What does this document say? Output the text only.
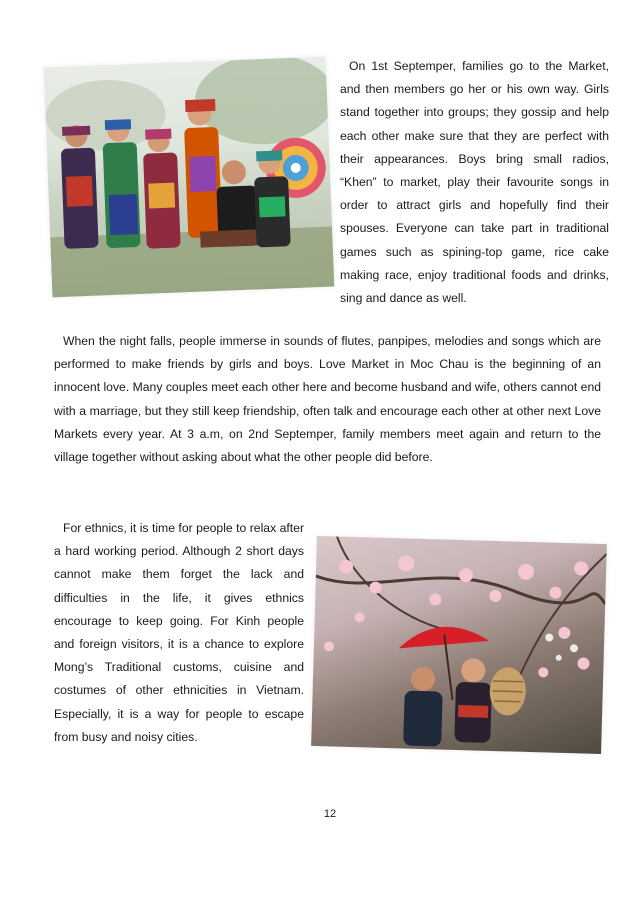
On 1st Septemper, families go to the Market, and then members go her or his own way. Girls stand together into groups; they gossip and help each other make sure that they are perfect with their appearances. Boys bring small radios, “Khen” to market, play their favourite songs in order to attract girls and hopefully find their spouses. Everyone can take part in traditional games such as spining-top game, rice cake making race, enjoy traditional foods and drinks, sing and dance as well.

When the night falls, people immerse in sounds of flutes, panpipes, melodies and songs which are performed to make friends by girls and boys. Love Market in Moc Chau is the beginning of an innocent love. Many couples meet each other here and become husband and wife, others cannot end with a marriage, but they still keep friendship, often talk and encourage each other at other next Love Markets every year. At 3 a.m, on 2nd Septemper, family members meet again and return to the village together without asking about what the other people did before.

For ethnics, it is time for people to relax after a hard working period. Although 2 short days cannot make them forget the lack and difficulties in the life, it gives ethnics encourage to keep going. For Kinh people and foreign visitors, it is a chance to explore Mong’s Traditional customs, cuisine and costumes of other ethnicities in Vietnam. Especially, it is a way for people to escape from busy and noisy cities.

12
